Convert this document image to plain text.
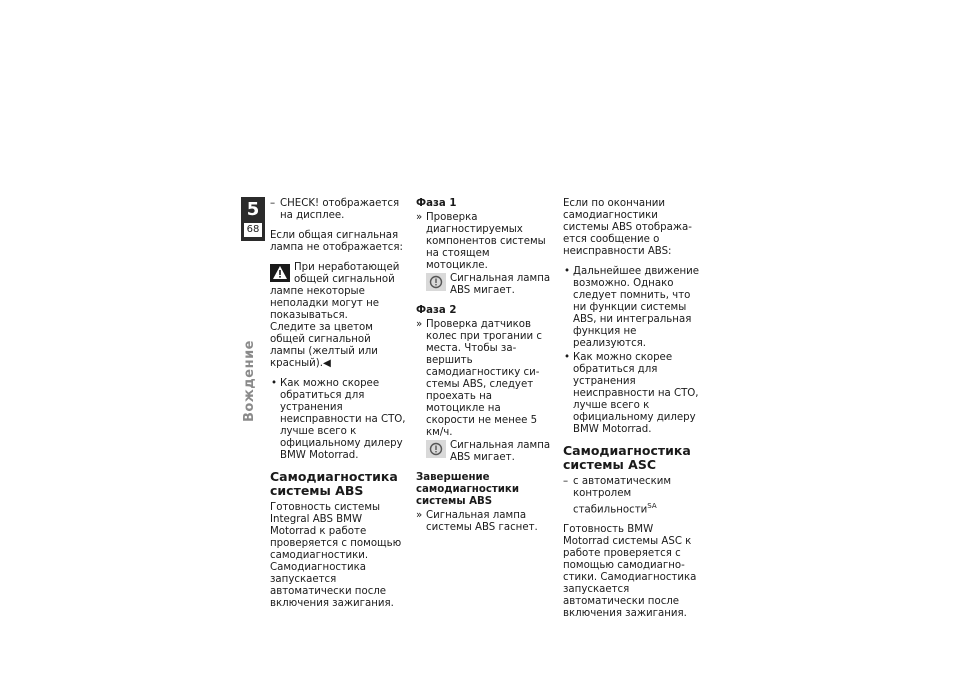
5
68
Вождение
– CHECK! отображается на дисплее.

Если общая сигнальная лампа не отображается:

При неработающей общей сигнальной лампе некоторые неполадки могут не показываться.

Следите за цветом общей сигнальной лампы (желтый или красный).◀

• Как можно скорее обратиться для устранения неисправности на СТО, лучше всего к официальному дилеру BMW Motorrad.
Самодиагностика системы ABS

Готовность системы Integral ABS BMW Motorrad к работе проверяется с помощью самодиагностики. Самодиагностика запускается автоматически после включения зажигания.

Фаза 1
» Проверка диагностируемых компонентов системы на стоящем мотоцикле.
Сигнальная лампа ABS мигает.
Фаза 2
» Проверка датчиков колес при трогании с места. Чтобы завершить самодиагностику системы ABS, следует проехать на мотоцикле на скорости не менее 5 км/ч.
Сигнальная лампа ABS мигает.
Завершение самодиагностики системы ABS
» Сигнальная лампа системы ABS гаснет.

Если по окончании самодиагностики системы ABS отображается сообщение о неисправности ABS:

• Дальнейшее движение возможно. Однако следует помнить, что ни функции системы ABS, ни интегральная функция не реализуются.
• Как можно скорее обратиться для устранения неисправности на СТО, лучше всего к официальному дилеру BMW Motorrad.
Самодиагностика системы ASC
– с автоматическим контролем стабильности$^{SA}$

Готовность BMW Motorrad системы ASC к работе проверяется с помощью самодиагностики. Самодиагностика запускается автоматически после включения зажигания.
